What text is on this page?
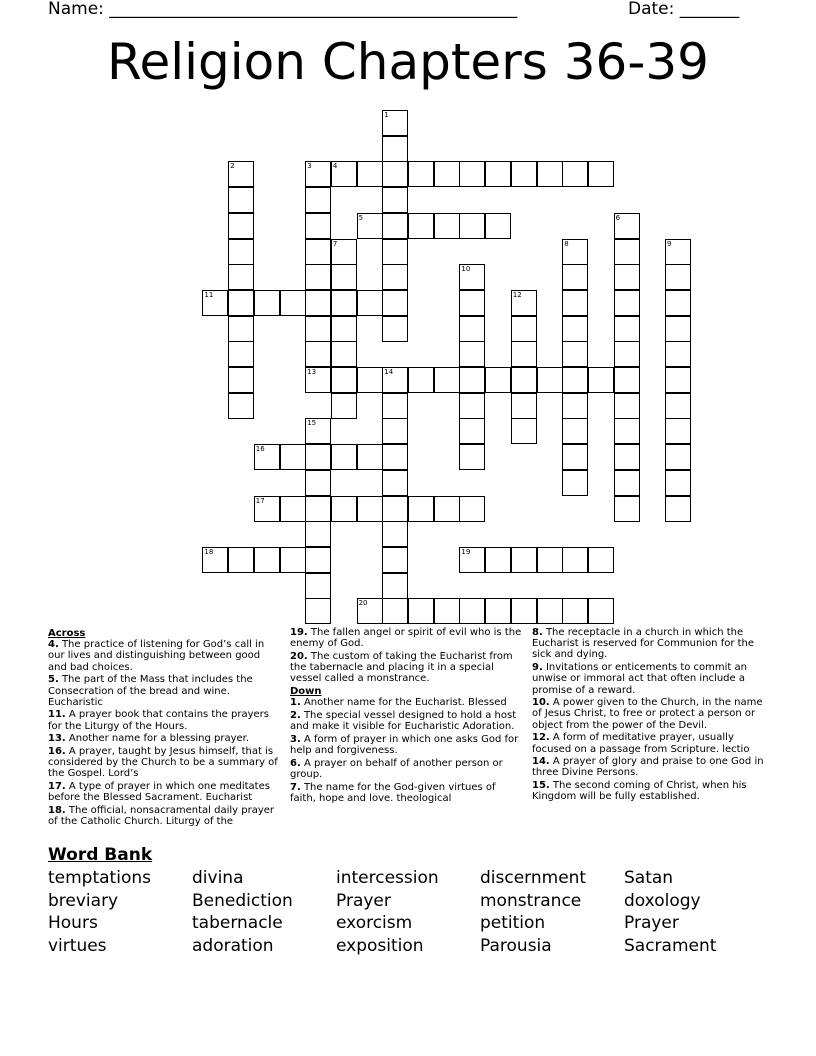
Name: ________________________________________________	Date: _______
Religion Chapters 36-39
1
2	3	4
5	6
7	8	9
10
11	12
13	14
15
16
17
18	19
20
Across

4. The practice of listening for God’s call in our lives and distinguishing between good and bad choices.

5. The part of the Mass that includes the Consecration of the bread and wine. Eucharistic

11. A prayer book that contains the prayers for the Liturgy of the Hours.

13. Another name for a blessing prayer.

16. A prayer, taught by Jesus himself, that is considered by the Church to be a summary of the Gospel. Lord’s

17. A type of prayer in which one meditates before the Blessed Sacrament. Eucharist

18. The official, nonsacramental daily prayer of the Catholic Church. Liturgy of the

19. The fallen angel or spirit of evil who is the enemy of God.

20. The custom of taking the Eucharist from the tabernacle and placing it in a special vessel called a monstrance.

Down

1. Another name for the Eucharist. Blessed

2. The special vessel designed to hold a host and make it visible for Eucharistic Adoration.

3. A form of prayer in which one asks God for help and forgiveness.

6. A prayer on behalf of another person or group.

7. The name for the God-given virtues of faith, hope and love. theological

8. The receptacle in a church in which the Eucharist is reserved for Communion for the sick and dying.

9. Invitations or enticements to commit an unwise or immoral act that often include a promise of a reward.

10. A power given to the Church, in the name of Jesus Christ, to free or protect a person or object from the power of the Devil.

12. A form of meditative prayer, usually focused on a passage from Scripture. lectio

14. A prayer of glory and praise to one God in three Divine Persons.

15. The second coming of Christ, when his Kingdom will be fully established.

Word Bank
temptations
breviary
Hours
virtues
divina
Benediction
tabernacle
adoration
intercession
Prayer
exorcism
exposition
discernment
monstrance
petition
Parousia
Satan
doxology
Prayer
Sacrament
